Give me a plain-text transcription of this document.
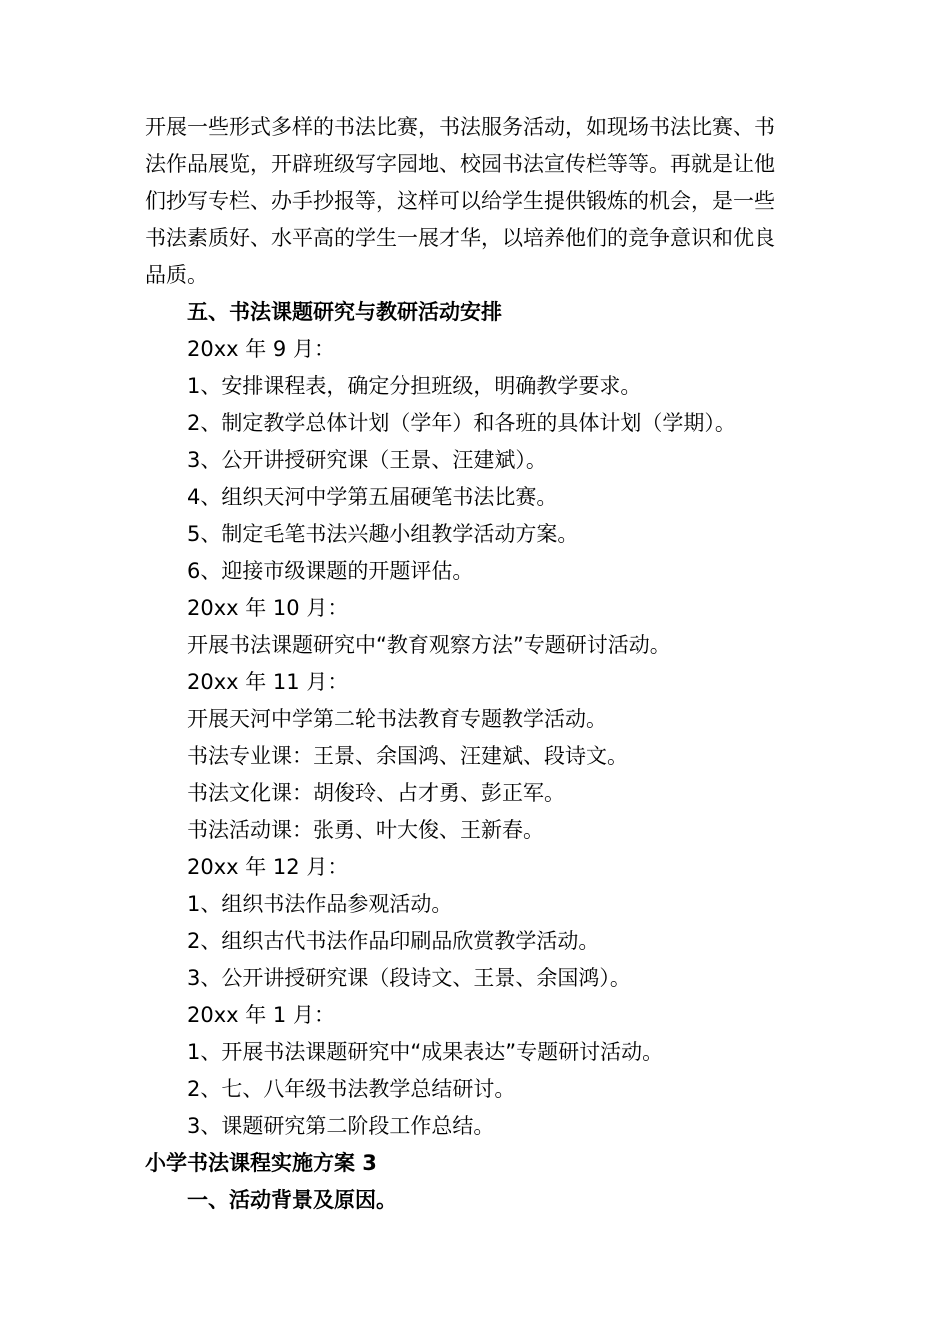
开展一些形式多样的书法比赛，书法服务活动，如现场书法比赛、书
法作品展览，开辟班级写字园地、校园书法宣传栏等等。再就是让他
们抄写专栏、办手抄报等，这样可以给学生提供锻炼的机会，是一些
书法素质好、水平高的学生一展才华，以培养他们的竞争意识和优良
品质。
五、书法课题研究与教研活动安排
20xx 年 9 月：
1、安排课程表，确定分担班级，明确教学要求。
2、制定教学总体计划（学年）和各班的具体计划（学期）。
3、公开讲授研究课（王景、汪建斌）。
4、组织天河中学第五届硬笔书法比赛。
5、制定毛笔书法兴趣小组教学活动方案。
6、迎接市级课题的开题评估。
20xx 年 10 月：
开展书法课题研究中“教育观察方法”专题研讨活动。
20xx 年 11 月：
开展天河中学第二轮书法教育专题教学活动。
书法专业课：王景、余国鸿、汪建斌、段诗文。
书法文化课：胡俊玲、占才勇、彭正军。
书法活动课：张勇、叶大俊、王新春。
20xx 年 12 月：
1、组织书法作品参观活动。
2、组织古代书法作品印刷品欣赏教学活动。
3、公开讲授研究课（段诗文、王景、余国鸿）。
20xx 年 1 月：
1、开展书法课题研究中“成果表达”专题研讨活动。
2、七、八年级书法教学总结研讨。
3、课题研究第二阶段工作总结。
小学书法课程实施方案 3
一、活动背景及原因。
